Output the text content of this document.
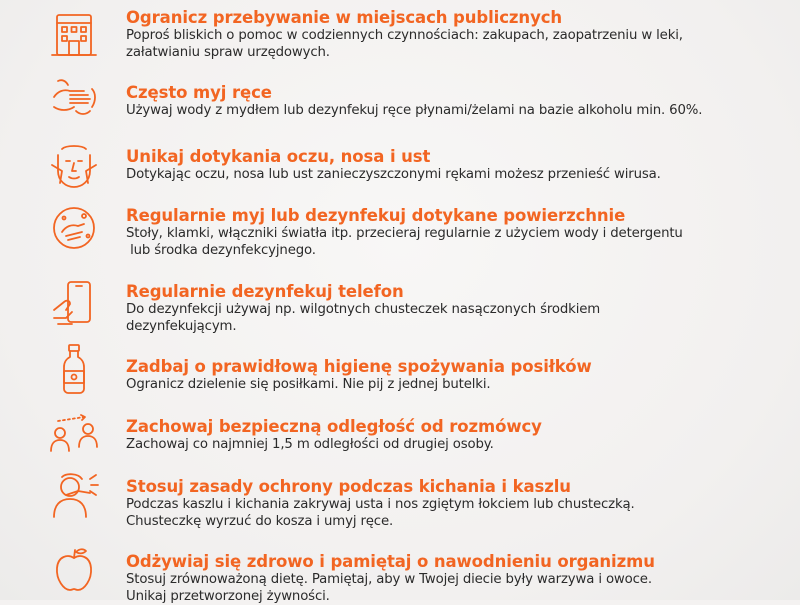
Ogranicz przebywanie w miejscach publicznych
Poproś bliskich o pomoc w codziennych czynnościach: zakupach, zaopatrzeniu w leki,
załatwianiu spraw urzędowych.
Często myj ręce
Używaj wody z mydłem lub dezynfekuj ręce płynami/żelami na bazie alkoholu min. 60%.
Unikaj dotykania oczu, nosa i ust
Dotykając oczu, nosa lub ust zanieczyszczonymi rękami możesz przenieść wirusa.
Regularnie myj lub dezynfekuj dotykane powierzchnie
Stoły, klamki, włączniki światła itp. przecieraj regularnie z użyciem wody i detergentu
lub środka dezynfekcyjnego.
Regularnie dezynfekuj telefon
Do dezynfekcji używaj np. wilgotnych chusteczek nasączonych środkiem
dezynfekującym.
Zadbaj o prawidłową higienę spożywania posiłków
Ogranicz dzielenie się posiłkami. Nie pij z jednej butelki.
Zachowaj bezpieczną odległość od rozmówcy
Zachowaj co najmniej 1,5 m odległości od drugiej osoby.
Stosuj zasady ochrony podczas kichania i kaszlu
Podczas kaszlu i kichania zakrywaj usta i nos zgiętym łokciem lub chusteczką.
Chusteczkę wyrzuć do kosza i umyj ręce.
Odżywiaj się zdrowo i pamiętaj o nawodnieniu organizmu
Stosuj zrównoważoną dietę. Pamiętaj, aby w Twojej diecie były warzywa i owoce.
Unikaj przetworzonej żywności.
